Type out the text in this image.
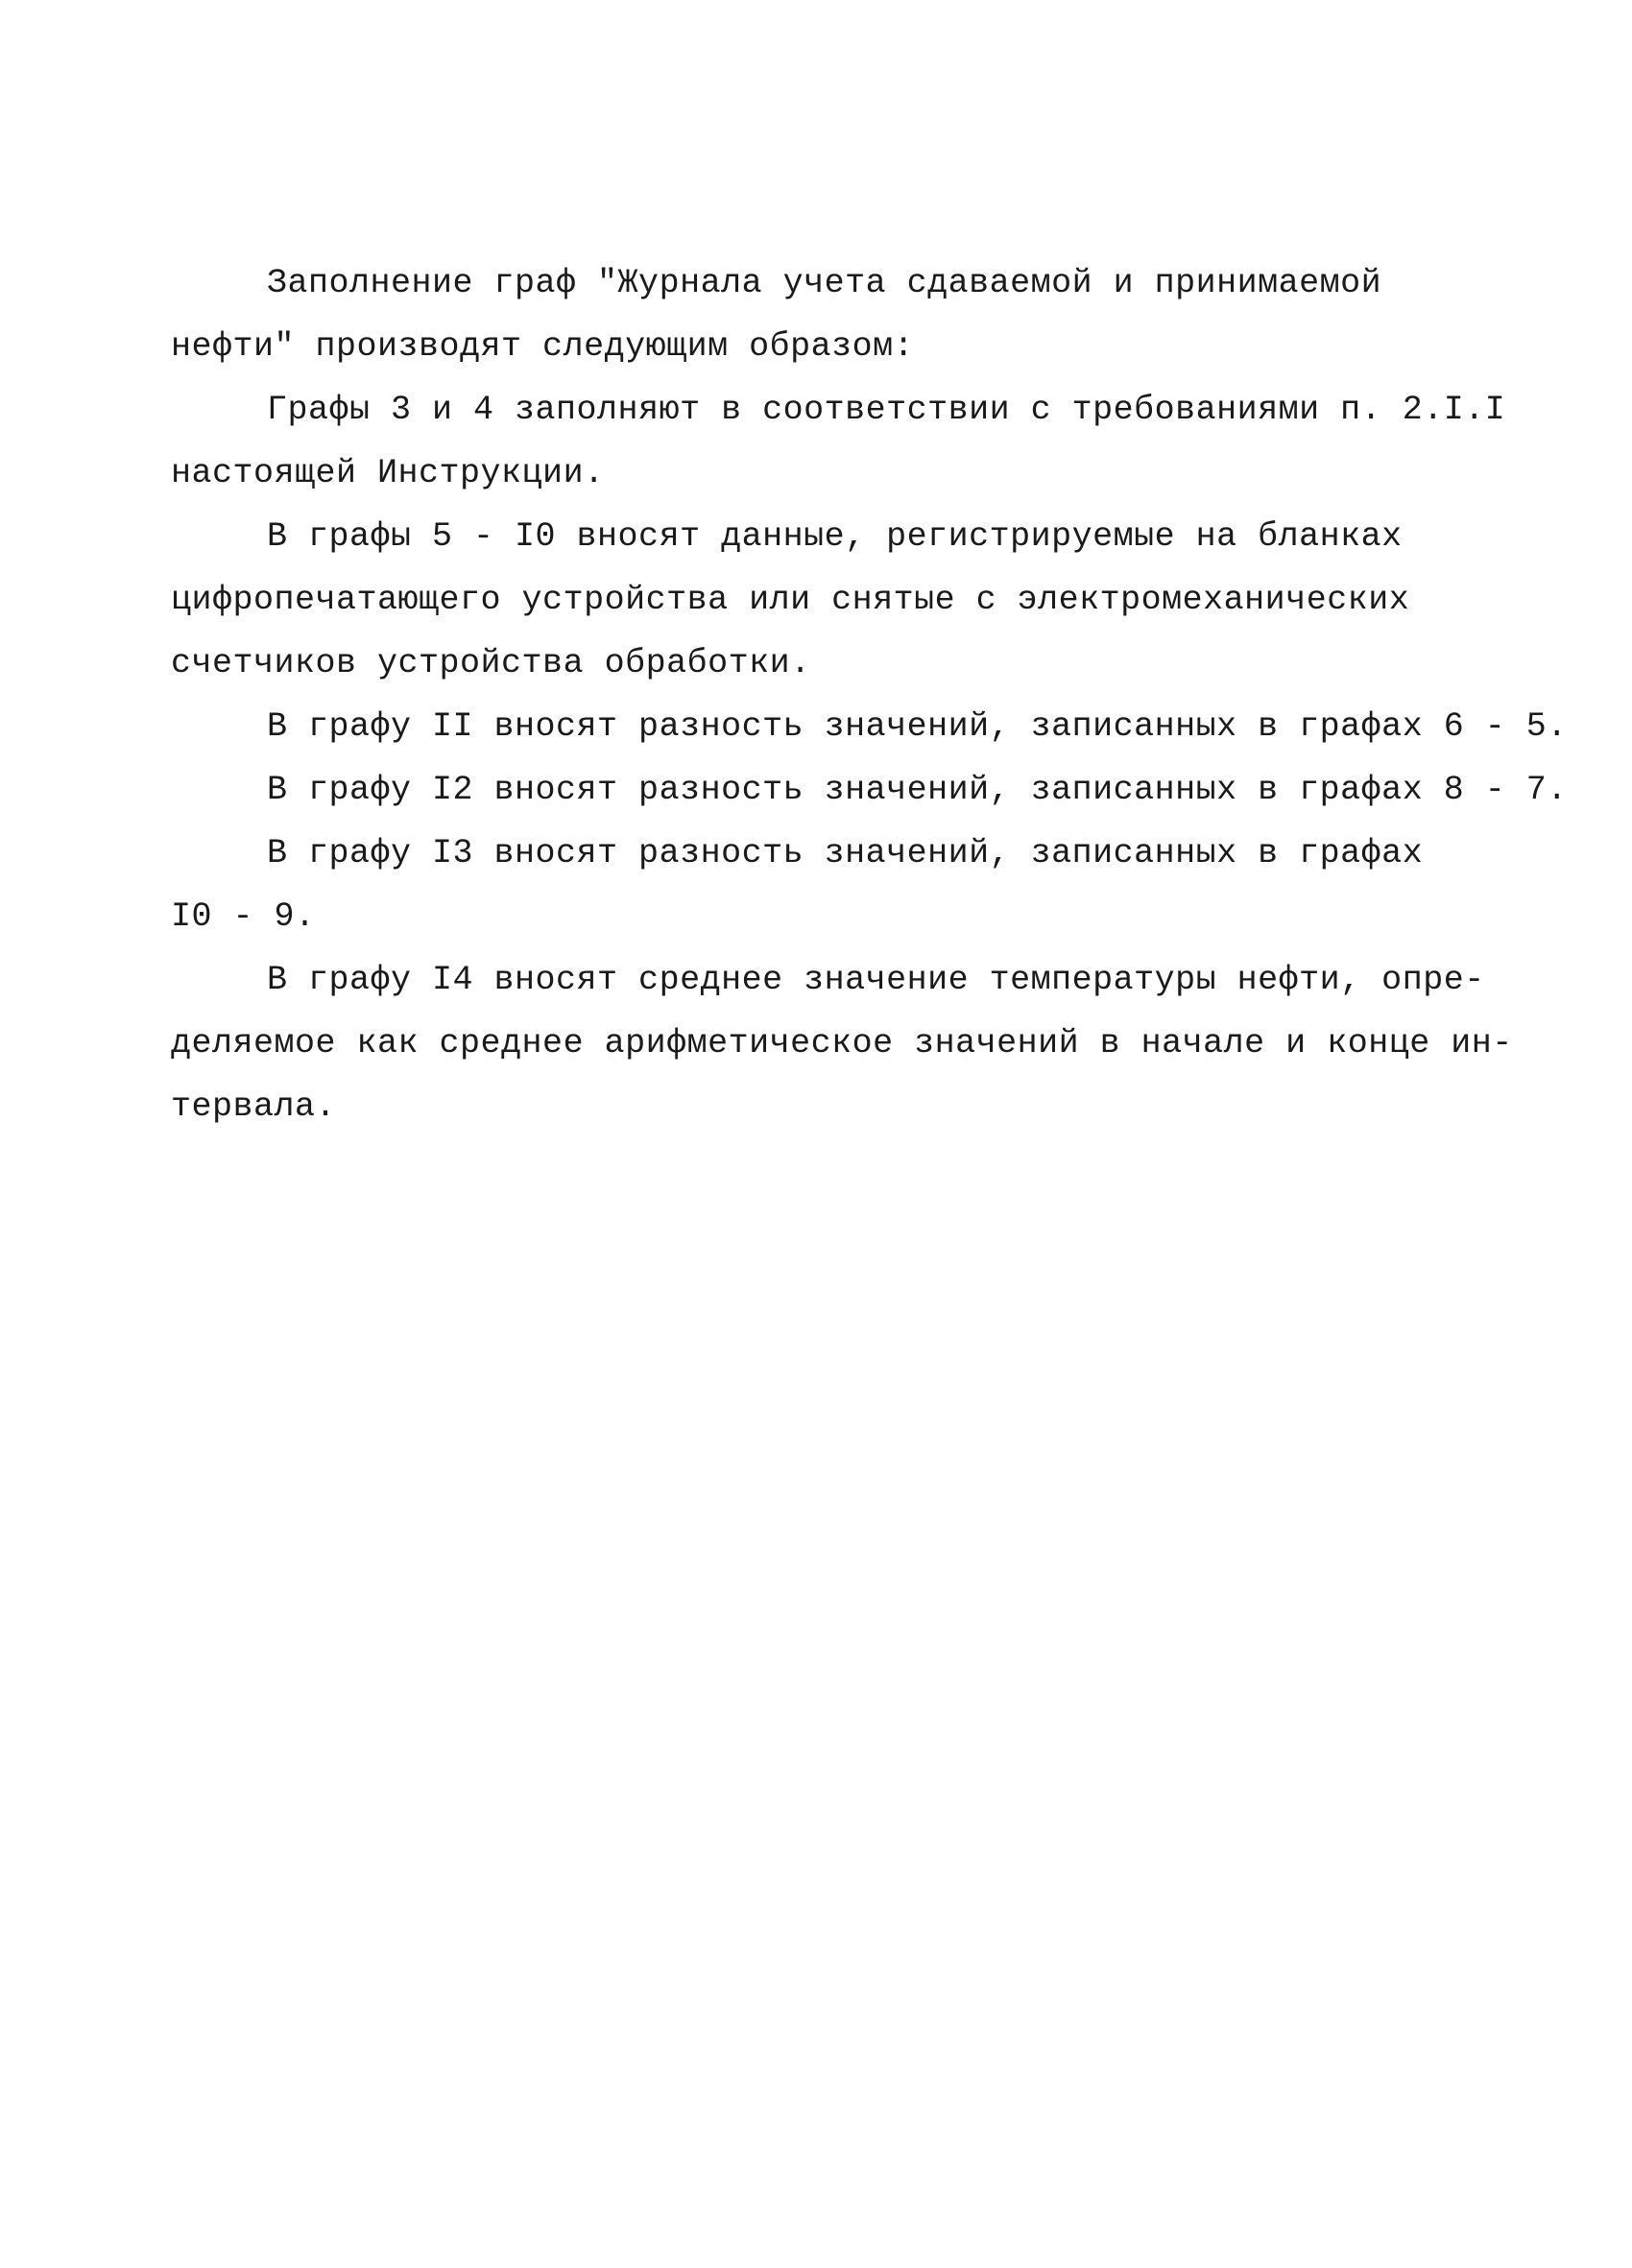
Заполнение граф "Журнала учета сдаваемой и принимаемой
нефти" производят следующим образом:
Графы 3 и 4 заполняют в соответствии с требованиями п. 2.I.I
настоящей Инструкции.
В графы 5 - I0 вносят данные, регистрируемые на бланках
цифропечатающего устройства или снятые с электромеханических
счетчиков устройства обработки.
В графу II вносят разность значений, записанных в графах 6 - 5.
В графу I2 вносят разность значений, записанных в графах 8 - 7.
В графу I3 вносят разность значений, записанных в графах
I0 - 9.
В графу I4 вносят среднее значение температуры нефти, опре-
деляемое как среднее арифметическое значений в начале и конце ин-
тервала.
